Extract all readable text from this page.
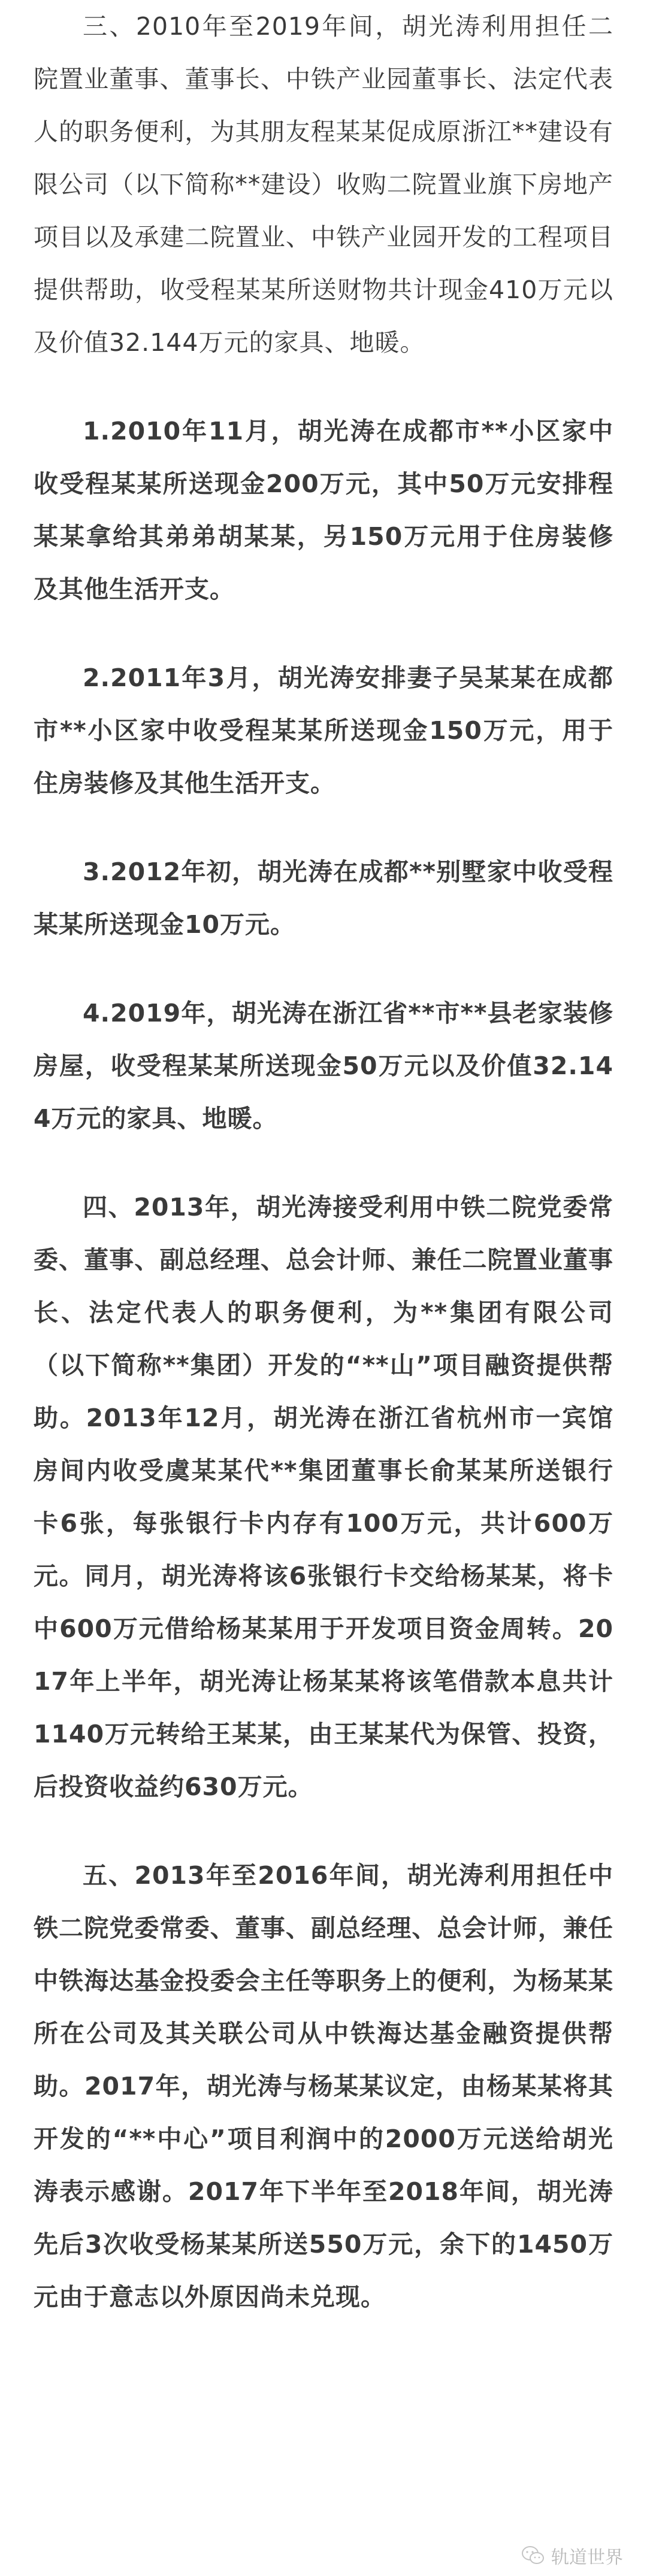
三、2010年至2019年间，胡光涛利用担任二院置业董事、董事长、中铁产业园董事长、法定代表人的职务便利，为其朋友程某某促成原浙江**建设有限公司（以下简称**建设）收购二院置业旗下房地产项目以及承建二院置业、中铁产业园开发的工程项目提供帮助，收受程某某所送财物共计现金410万元以及价值32.144万元的家具、地暖。

1.2010年11月，胡光涛在成都市**小区家中收受程某某所送现金200万元，其中50万元安排程某某拿给其弟弟胡某某，另150万元用于住房装修及其他生活开支。

2.2011年3月，胡光涛安排妻子吴某某在成都市**小区家中收受程某某所送现金150万元，用于住房装修及其他生活开支。

3.2012年初，胡光涛在成都**别墅家中收受程某某所送现金10万元。

4.2019年，胡光涛在浙江省**市**县老家装修房屋，收受程某某所送现金50万元以及价值32.144万元的家具、地暖。

四、2013年，胡光涛接受利用中铁二院党委常委、董事、副总经理、总会计师、兼任二院置业董事长、法定代表人的职务便利，为**集团有限公司（以下简称**集团）开发的“**山”项目融资提供帮助。2013年12月，胡光涛在浙江省杭州市一宾馆房间内收受虞某某代**集团董事长俞某某所送银行卡6张，每张银行卡内存有100万元，共计600万元。同月，胡光涛将该6张银行卡交给杨某某，将卡中600万元借给杨某某用于开发项目资金周转。2017年上半年，胡光涛让杨某某将该笔借款本息共计1140万元转给王某某，由王某某代为保管、投资，后投资收益约630万元。

五、2013年至2016年间，胡光涛利用担任中铁二院党委常委、董事、副总经理、总会计师，兼任中铁海达基金投委会主任等职务上的便利，为杨某某所在公司及其关联公司从中铁海达基金融资提供帮助。2017年，胡光涛与杨某某议定，由杨某某将其开发的“**中心”项目利润中的2000万元送给胡光涛表示感谢。2017年下半年至2018年间，胡光涛先后3次收受杨某某所送550万元，余下的1450万元由于意志以外原因尚未兑现。

轨道世界
